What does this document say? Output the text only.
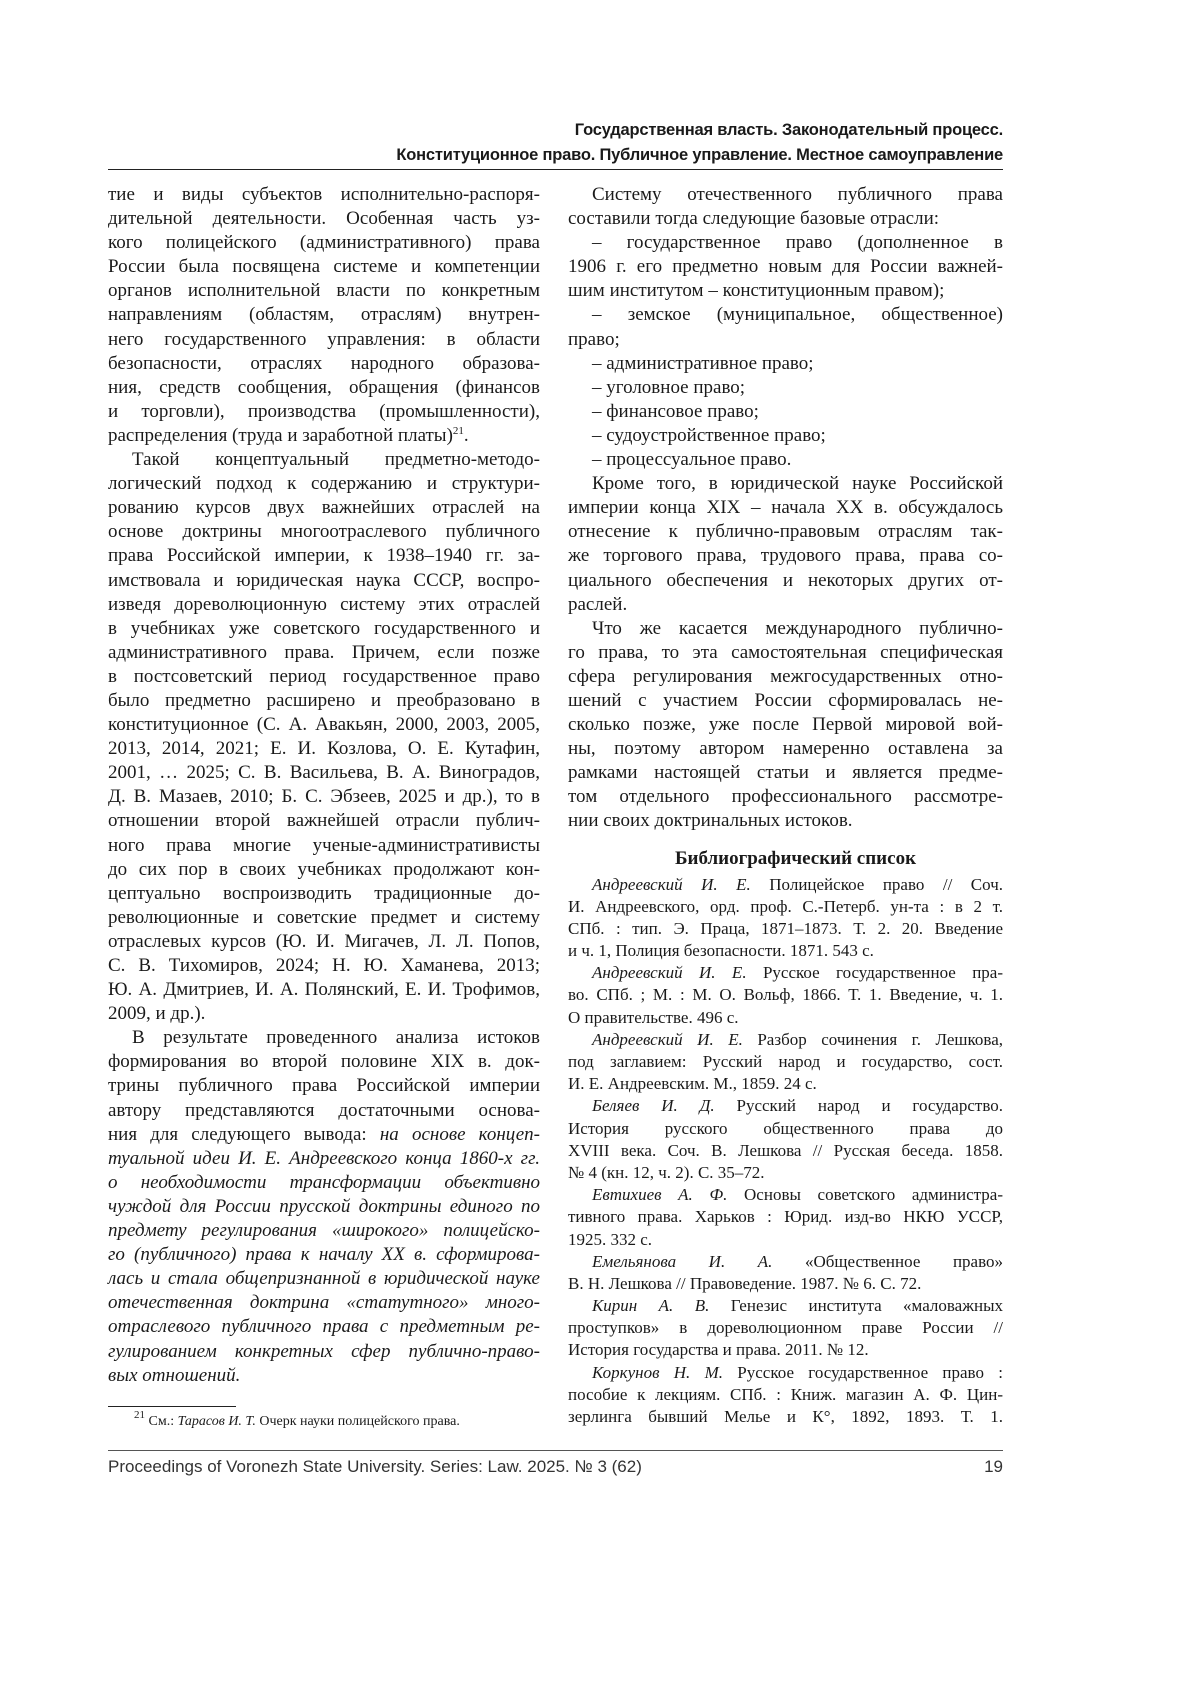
Государственная власть. Законодательный процесс.
Конституционное право. Публичное управление. Местное самоуправление
тие и виды субъектов исполнительно-распоря-
дительной деятельности. Особенная часть уз-
кого полицейского (административного) права
России была посвящена системе и компетенции
органов исполнительной власти по конкретным
направлениям (областям, отраслям) внутрен-
него государственного управления: в области
безопасности, отраслях народного образова-
ния, средств сообщения, обращения (финансов
и торговли), производства (промышленности),
распределения (труда и заработной платы)21.
Такой концептуальный предметно-методо-
логический подход к содержанию и структури-
рованию курсов двух важнейших отраслей на
основе доктрины многоотраслевого публичного
права Российской империи, к 1938–1940 гг. за-
имствовала и юридическая наука СССР, воспро-
изведя дореволюционную систему этих отраслей
в учебниках уже советского государственного и
административного права. Причем, если позже
в постсоветский период государственное право
было предметно расширено и преобразовано в
конституционное (С. А. Авакьян, 2000, 2003, 2005,
2013, 2014, 2021; Е. И. Козлова, О. Е. Кутафин,
2001, … 2025; С. В. Васильева, В. А. Виноградов,
Д. В. Мазаев, 2010; Б. С. Эбзеев, 2025 и др.), то в
отношении второй важнейшей отрасли публич-
ного права многие ученые-административисты
до сих пор в своих учебниках продолжают кон-
цептуально воспроизводить традиционные до-
революционные и советские предмет и систему
отраслевых курсов (Ю. И. Мигачев, Л. Л. Попов,
С. В. Тихомиров, 2024; Н. Ю. Хаманева, 2013;
Ю. А. Дмитриев, И. А. Полянский, Е. И. Трофимов,
2009, и др.).
В результате проведенного анализа истоков
формирования во второй половине XIX в. док-
трины публичного права Российской империи
автору представляются достаточными основа-
ния для следующего вывода: на основе концеп-
туальной идеи И. Е. Андреевского конца 1860-х гг.
о необходимости трансформации объективно
чуждой для России прусской доктрины единого по
предмету регулирования «широкого» полицейско-
го (публичного) права к началу XX в. сформирова-
лась и стала общепризнанной в юридической науке
отечественная доктрина «статутного» много-
отраслевого публичного права с предметным ре-
гулированием конкретных сфер публично-право-
вых отношений.
Систему отечественного публичного права
составили тогда следующие базовые отрасли:
– государственное право (дополненное в
1906 г. его предметно новым для России важней-
шим институтом – конституционным правом);
– земское (муниципальное, общественное)
право;
– административное право;
– уголовное право;
– финансовое право;
– судоустройственное право;
– процессуальное право.
Кроме того, в юридической науке Российской
империи конца XIX – начала XX в. обсуждалось
отнесение к публично-правовым отраслям так-
же торгового права, трудового права, права со-
циального обеспечения и некоторых других от-
раслей.
Что же касается международного публично-
го права, то эта самостоятельная специфическая
сфера регулирования межгосударственных отно-
шений с участием России сформировалась не-
сколько позже, уже после Первой мировой вой-
ны, поэтому автором намеренно оставлена за
рамками настоящей статьи и является предме-
том отдельного профессионального рассмотре-
нии своих доктринальных истоков.
Библиографический список
Андреевский И. Е. Полицейское право // Соч.
И. Андреевского, орд. проф. С.-Петерб. ун-та : в 2 т.
СПб. : тип. Э. Праца, 1871–1873. Т. 2. 20. Введение
и ч. 1, Полиция безопасности. 1871. 543 с.
Андреевский И. Е. Русское государственное пра-
во. СПб. ; М. : М. О. Вольф, 1866. Т. 1. Введение, ч. 1.
О правительстве. 496 с.
Андреевский И. Е. Разбор сочинения г. Лешкова,
под заглавием: Русский народ и государство, сост.
И. Е. Андреевским. М., 1859. 24 с.
Беляев И. Д. Русский народ и государство.
История русского общественного права до
XVIII века. Соч. В. Лешкова // Русская беседа. 1858.
№ 4 (кн. 12, ч. 2). С. 35–72.
Евтихиев А. Ф. Основы советского администра-
тивного права. Харьков : Юрид. изд-во НКЮ УССР,
1925. 332 с.
Емельянова И. А. «Общественное право»
В. Н. Лешкова // Правоведение. 1987. № 6. С. 72.
Кирин А. В. Генезис института «маловажных
проступков» в дореволюционном праве России //
История государства и права. 2011. № 12.
Коркунов Н. М. Русское государственное право :
пособие к лекциям. СПб. : Книж. магазин А. Ф. Цин-
зерлинга бывший Мелье и К°, 1892, 1893. Т. 1.
21 См.: Тарасов И. Т. Очерк науки полицейского права.
Proceedings of Voronezh State University. Series: Law. 2025. № 3 (62)	19
